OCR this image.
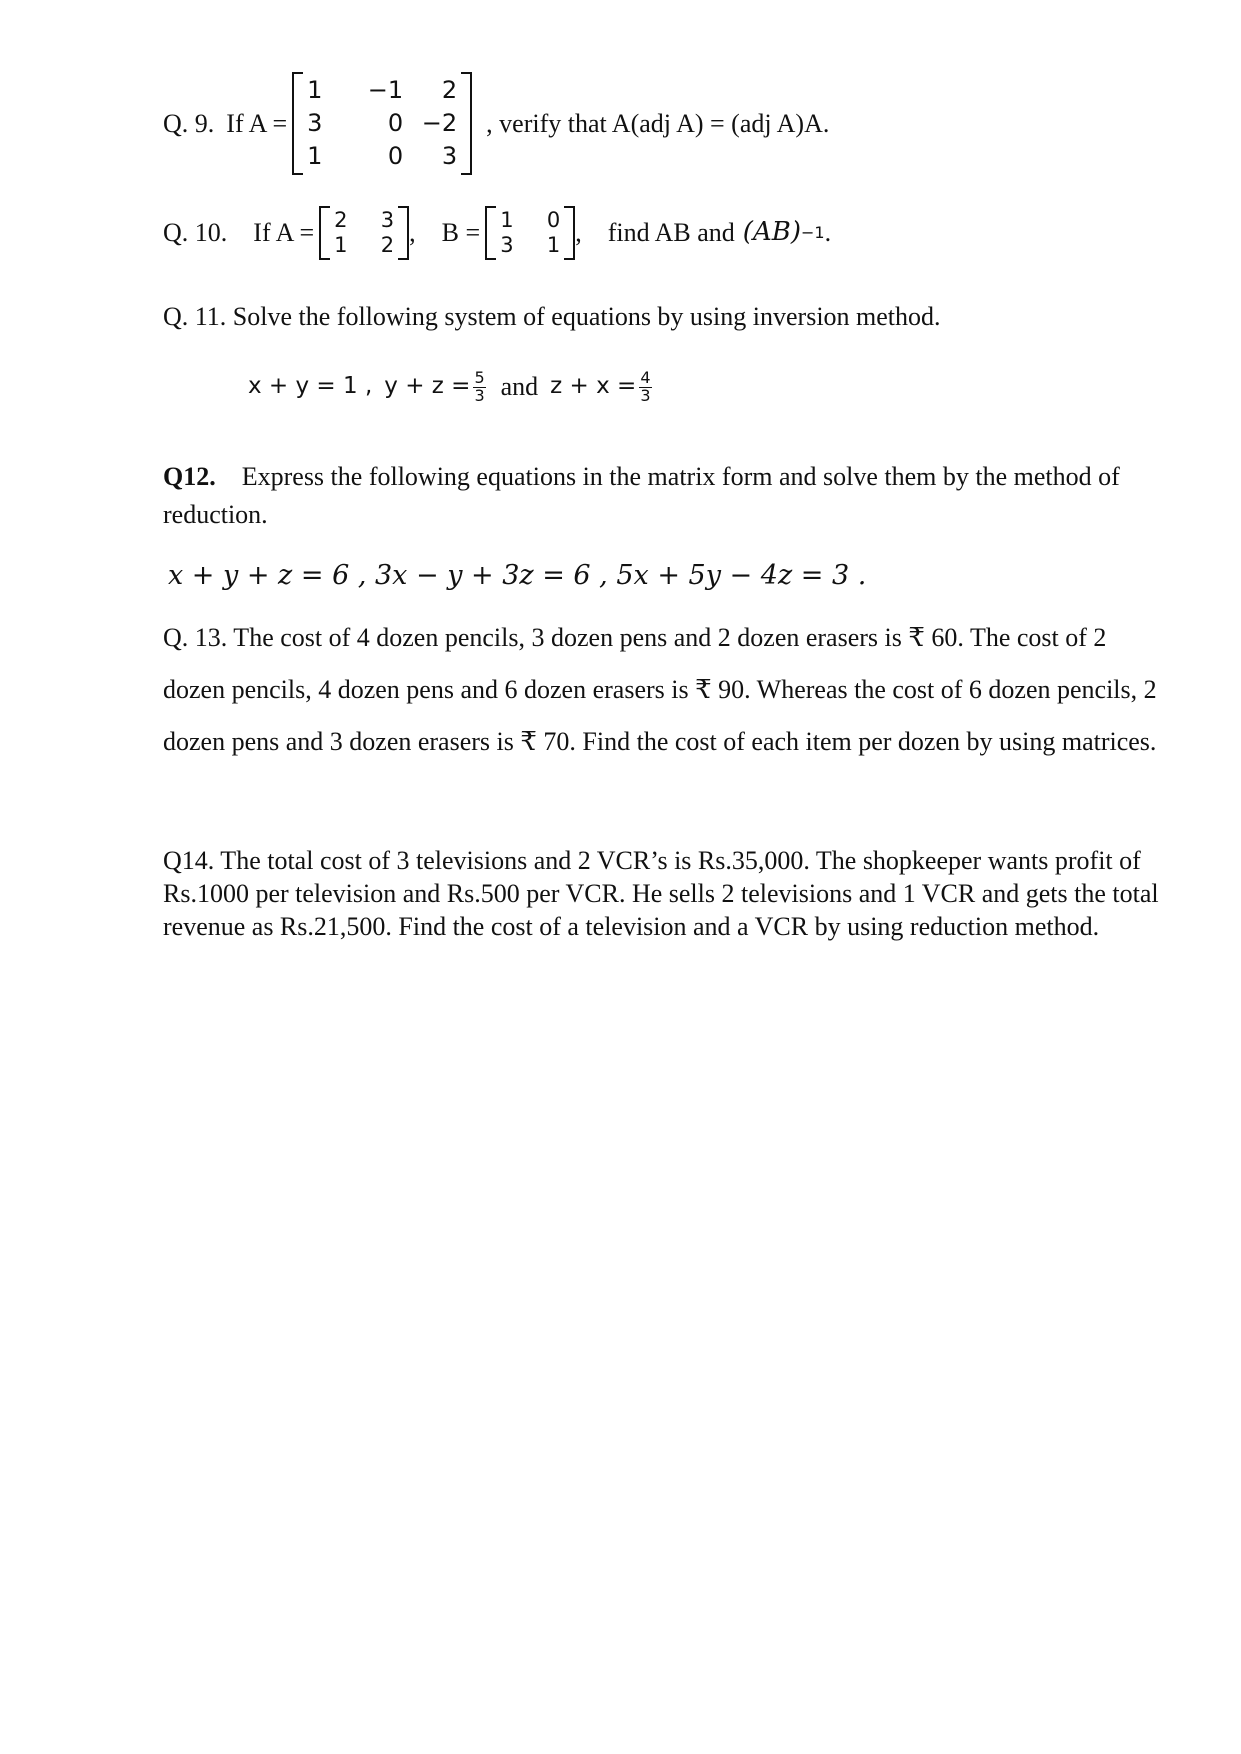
Q. 9. If A =
1	−1	2
3	0 −2
1	0	3
, verify that A(adj A) = (adj A)A.
Q. 10. If A = 2	3
1	2 , B = 1	0
3	1 , find AB and (AB) −1 .
Q. 11. Solve the following system of equations by using inversion method.
x + y = 1 , $y + z = \frac{5}{3}$ and $z + x = \frac{4}{3}$
Q12. Express the following equations in the matrix form and solve them by the method of reduction.
x + y + z = 6 , 3x − y + 3z = 6 , 5x + 5y − 4z = 3 .
Q. 13. The cost of 4 dozen pencils, 3 dozen pens and 2 dozen erasers is ₹ 60. The cost of 2 dozen pencils, 4 dozen pens and 6 dozen erasers is ₹ 90. Whereas the cost of 6 dozen pencils, 2 dozen pens and 3 dozen erasers is ₹ 70. Find the cost of each item per dozen by using matrices.
Q14. The total cost of 3 televisions and 2 VCR’s is Rs.35,000. The shopkeeper wants profit of Rs.1000 per television and Rs.500 per VCR. He sells 2 televisions and 1 VCR and gets the total revenue as Rs.21,500. Find the cost of a television and a VCR by using reduction method.
